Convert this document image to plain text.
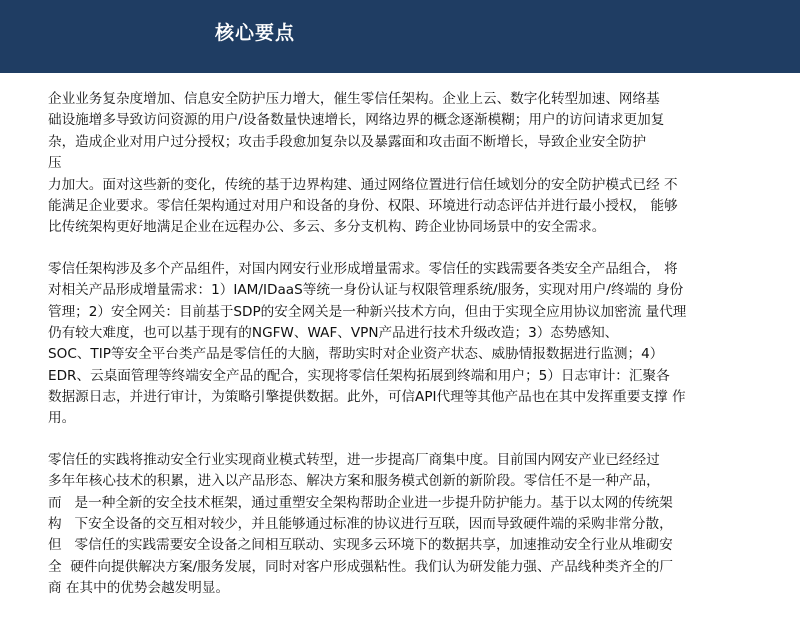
核心要点
企业业务复杂度增加、信息安全防护压力增大，催生零信任架构。企业上云、数字化转型加速、网络基
础设施增多导致访问资源的用户/设备数量快速增长，网络边界的概念逐渐模糊；用户的访问请求更加复
杂，造成企业对用户过分授权；攻击手段愈加复杂以及暴露面和攻击面不断增长，导致企业安全防护
压
力加大。面对这些新的变化，传统的基于边界构建、通过网络位置进行信任域划分的安全防护模式已经 不
能满足企业要求。零信任架构通过对用户和设备的身份、权限、环境进行动态评估并进行最小授权， 能够
比传统架构更好地满足企业在远程办公、多云、多分支机构、跨企业协同场景中的安全需求。
零信任架构涉及多个产品组件，对国内网安行业形成增量需求。零信任的实践需要各类安全产品组合， 将
对相关产品形成增量需求：1）IAM/IDaaS等统一身份认证与权限管理系统/服务，实现对用户/终端的 身份
管理；2）安全网关：目前基于SDP的安全网关是一种新兴技术方向，但由于实现全应用协议加密流 量代理
仍有较大难度，也可以基于现有的NGFW、WAF、VPN产品进行技术升级改造；3）态势感知、
SOC、TIP等安全平台类产品是零信任的大脑，帮助实时对企业资产状态、威胁情报数据进行监测；4）
EDR、云桌面管理等终端安全产品的配合，实现将零信任架构拓展到终端和用户；5）日志审计：汇聚各
数据源日志，并进行审计，为策略引擎提供数据。此外，可信API代理等其他产品也在其中发挥重要支撑 作
用。
零信任的实践将推动安全行业实现商业模式转型，进一步提高厂商集中度。目前国内网安产业已经经过
多年年核心技术的积累，进入以产品形态、解决方案和服务模式创新的新阶段。零信任不是一种产品，
而   是一种全新的安全技术框架，通过重塑安全架构帮助企业进一步提升防护能力。基于以太网的传统架
构   下安全设备的交互相对较少，并且能够通过标准的协议进行互联，因而导致硬件端的采购非常分散，
但   零信任的实践需要安全设备之间相互联动、实现多云环境下的数据共享，加速推动安全行业从堆砌安
全  硬件向提供解决方案/服务发展，同时对客户形成强粘性。我们认为研发能力强、产品线种类齐全的厂
商 在其中的优势会越发明显。
